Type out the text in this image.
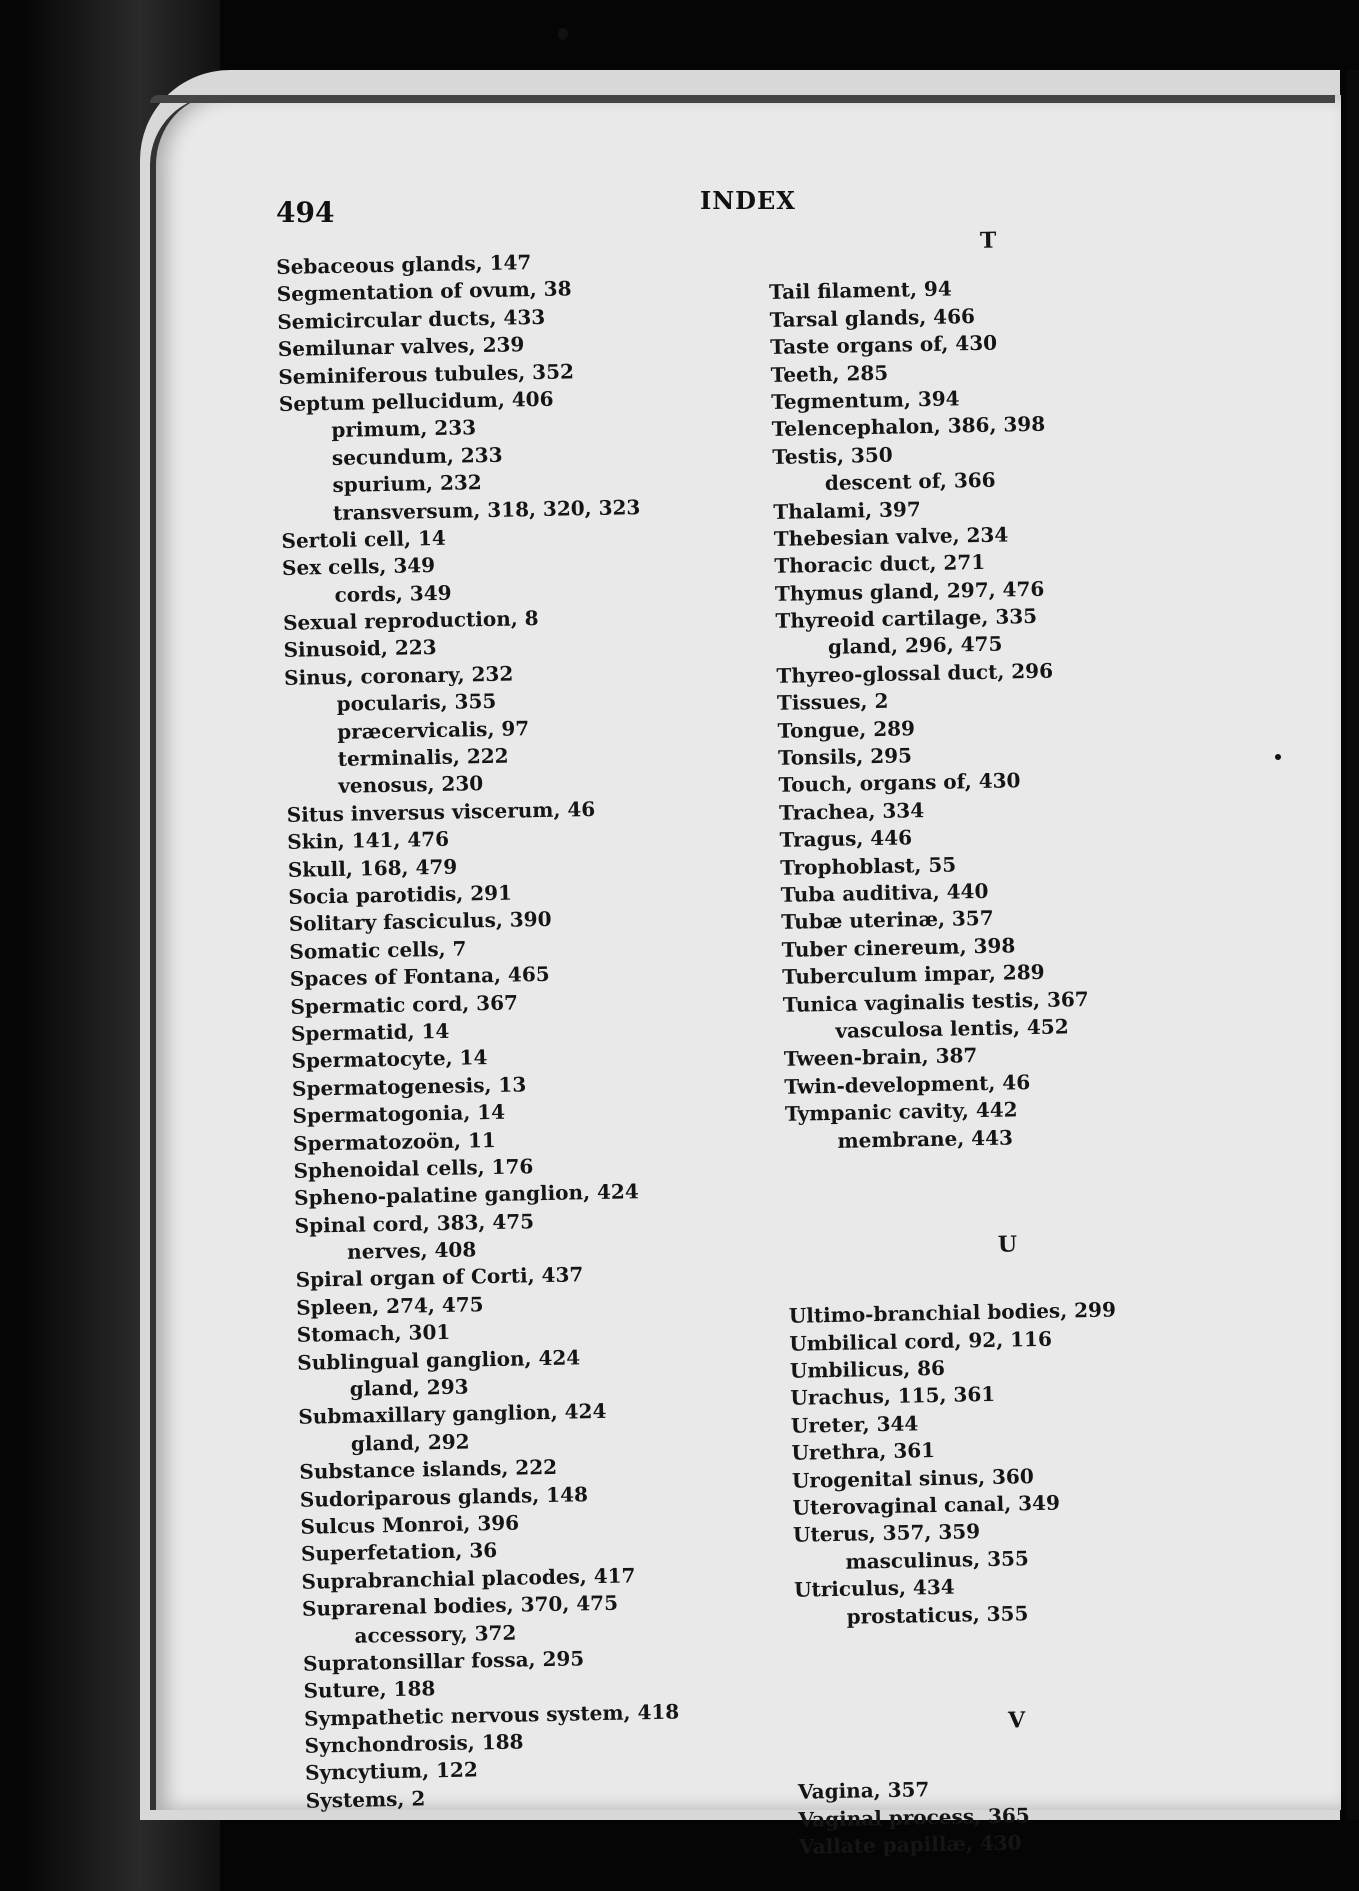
494	INDEX
Sebaceous glands, 147
Segmentation of ovum, 38
Semicircular ducts, 433
Semilunar valves, 239
Seminiferous tubules, 352
Septum pellucidum, 406
primum, 233
secundum, 233
spurium, 232
transversum, 318, 320, 323
Sertoli cell, 14
Sex cells, 349
cords, 349
Sexual reproduction, 8
Sinusoid, 223
Sinus, coronary, 232
pocularis, 355
præcervicalis, 97
terminalis, 222
venosus, 230
Situs inversus viscerum, 46
Skin, 141, 476
Skull, 168, 479
Socia parotidis, 291
Solitary fasciculus, 390
Somatic cells, 7
Spaces of Fontana, 465
Spermatic cord, 367
Spermatid, 14
Spermatocyte, 14
Spermatogenesis, 13
Spermatogonia, 14
Spermatozoön, 11
Sphenoidal cells, 176
Spheno-palatine ganglion, 424
Spinal cord, 383, 475
nerves, 408
Spiral organ of Corti, 437
Spleen, 274, 475
Stomach, 301
Sublingual ganglion, 424
gland, 293
Submaxillary ganglion, 424
gland, 292
Substance islands, 222
Sudoriparous glands, 148
Sulcus Monroi, 396
Superfetation, 36
Suprabranchial placodes, 417
Suprarenal bodies, 370, 475
accessory, 372
Supratonsillar fossa, 295
Suture, 188
Sympathetic nervous system, 418
Synchondrosis, 188
Syncytium, 122
Systems, 2
T
Tail filament, 94
Tarsal glands, 466
Taste organs of, 430
Teeth, 285
Tegmentum, 394
Telencephalon, 386, 398
Testis, 350
descent of, 366
Thalami, 397
Thebesian valve, 234
Thoracic duct, 271
Thymus gland, 297, 476
Thyreoid cartilage, 335
gland, 296, 475
Thyreo-glossal duct, 296
Tissues, 2
Tongue, 289
Tonsils, 295
Touch, organs of, 430
Trachea, 334
Tragus, 446
Trophoblast, 55
Tuba auditiva, 440
Tubæ uterinæ, 357
Tuber cinereum, 398
Tuberculum impar, 289
Tunica vaginalis testis, 367
vasculosa lentis, 452
Tween-brain, 387
Twin-development, 46
Tympanic cavity, 442
membrane, 443
U
Ultimo-branchial bodies, 299
Umbilical cord, 92, 116
Umbilicus, 86
Urachus, 115, 361
Ureter, 344
Urethra, 361
Urogenital sinus, 360
Uterovaginal canal, 349
Uterus, 357, 359
masculinus, 355
Utriculus, 434
prostaticus, 355
V
Vagina, 357
Vaginal process, 365
Vallate papillæ, 430
